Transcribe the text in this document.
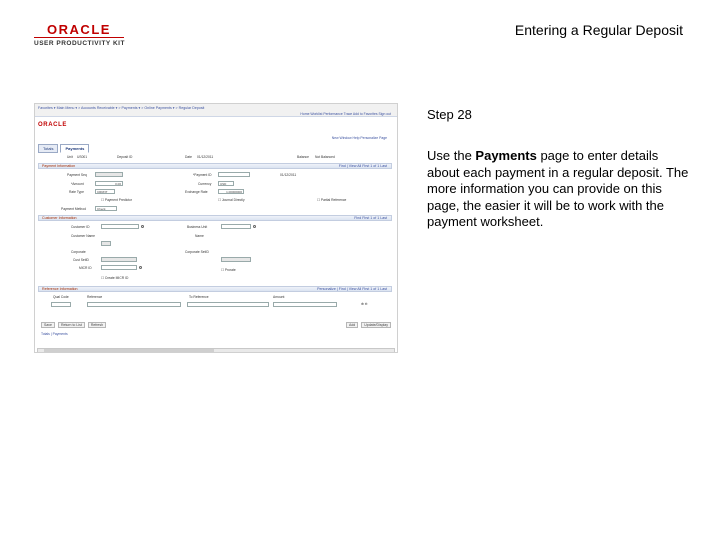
ORACLE
USER PRODUCTIVITY KIT
Entering a Regular Deposit
Favorites ▾ Main Menu ▾ > Accounts Receivable ▾ > Payments ▾ > Online Payments ▾ > Regular Deposit
Home Worklist Performance Trace Add to Favorites Sign out
ORACLE
New Window Help Personalize Page
Totals	Payments
Unit US001	Deposit ID	Date 01/12/2011	Balance Not Balanced
Payment Information	Find | View All First 1 of 1 Last
Payment Seq	*Payment ID	01/12/2011
*Amount	0.00	Currency	USD
Rate Type	CRRNT	Exchange Rate	1.00000000
☐ Payment Predictor	☐ Journal Directly	☐ Partial Reference
Payment Method	Check
Customer Information	Find First 1 of 1 Last
Customer ID	Business Unit
Customer Name	Name
Corporate	Corporate SetID
Cust SetID
MICR ID	☐ Prorate
☐ Create MICR ID
Reference Information	Personalize | Find | View All First 1 of 1 Last
Qual Code	Reference	To Reference	Amount
⊕ ⊖
Save	Return to List	Refresh	Add	Update/Display
Totals | Payments
Step 28
Use the Payments page to enter details about each payment in a regular deposit. The more information you can provide on this page, the easier it will be to work with the payment worksheet.
